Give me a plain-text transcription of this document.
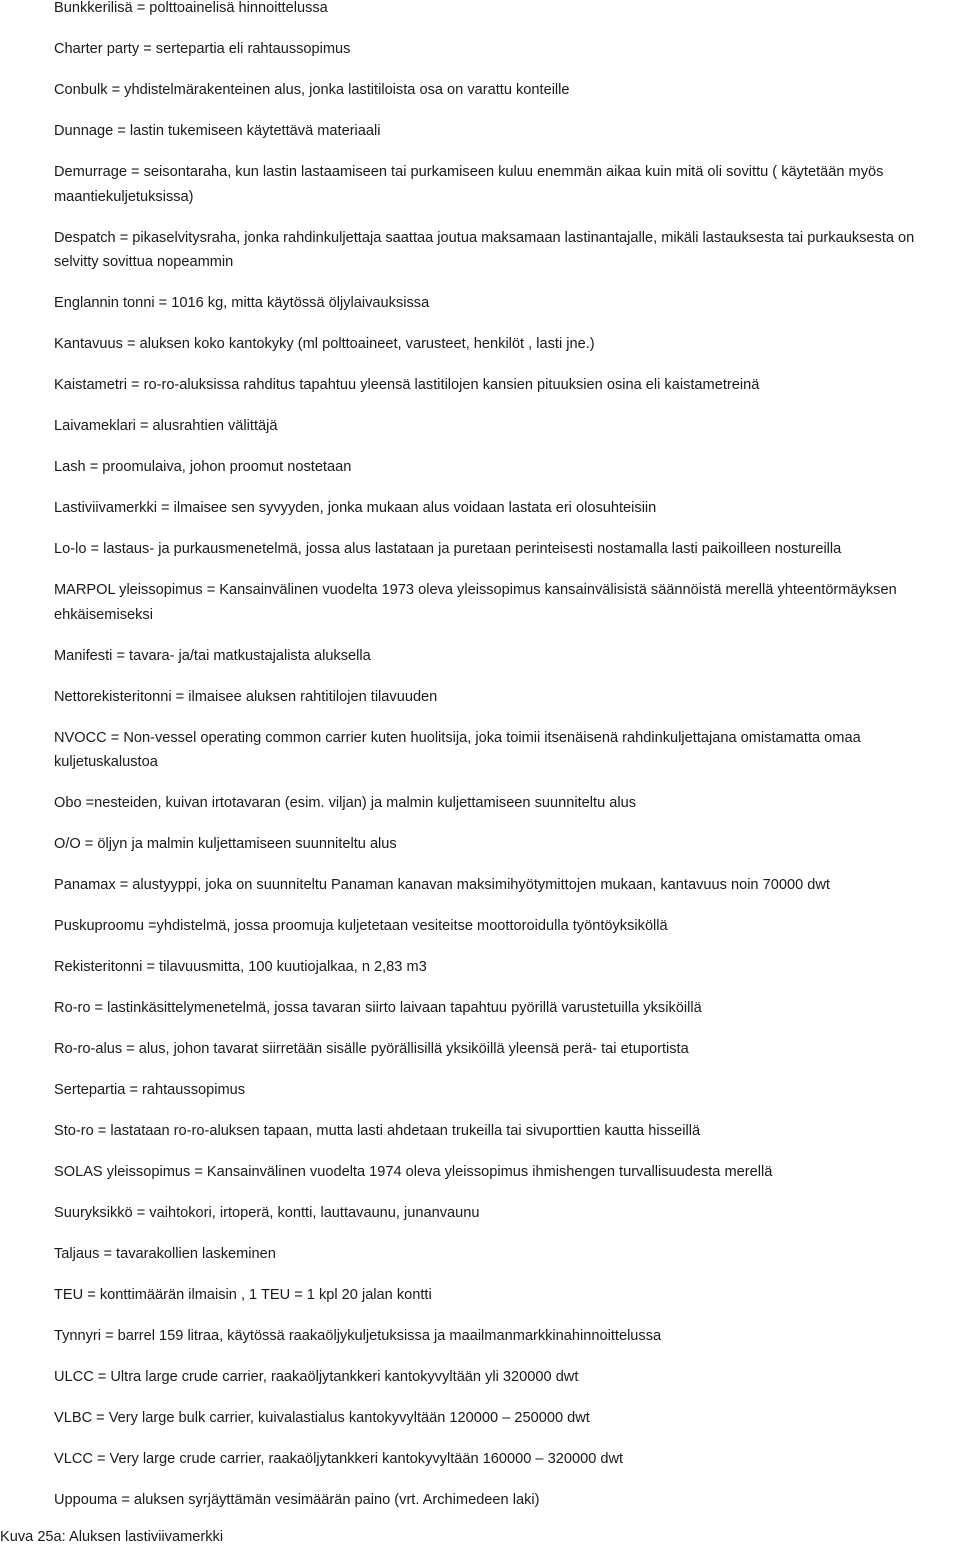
Bunkkerilisä = polttoainelisä hinnoittelussa

Charter party = sertepartia eli rahtaussopimus

Conbulk = yhdistelmärakenteinen alus, jonka lastitiloista osa on varattu konteille

Dunnage = lastin tukemiseen käytettävä materiaali

Demurrage = seisontaraha, kun lastin lastaamiseen tai purkamiseen kuluu enemmän aikaa kuin mitä oli sovittu ( käytetään myös maantiekuljetuksissa)

Despatch = pikaselvitysraha, jonka rahdinkuljettaja saattaa joutua maksamaan lastinantajalle, mikäli lastauksesta tai purkauksesta on selvitty sovittua nopeammin

Englannin tonni = 1016 kg, mitta käytössä öljylaivauksissa

Kantavuus = aluksen koko kantokyky (ml polttoaineet, varusteet, henkilöt , lasti jne.)

Kaistametri = ro-ro-aluksissa rahditus tapahtuu yleensä lastitilojen kansien pituuksien osina eli kaistametreinä

Laivameklari = alusrahtien välittäjä

Lash = proomulaiva, johon proomut nostetaan

Lastiviivamerkki = ilmaisee sen syvyyden, jonka mukaan alus voidaan lastata eri olosuhteisiin

Lo-lo = lastaus- ja purkausmenetelmä, jossa alus lastataan ja puretaan perinteisesti nostamalla lasti paikoilleen nostureilla

MARPOL yleissopimus = Kansainvälinen vuodelta 1973 oleva yleissopimus kansainvälisistä säännöistä merellä yhteentörmäyksen ehkäisemiseksi

Manifesti = tavara- ja/tai matkustajalista aluksella

Nettorekisteritonni = ilmaisee aluksen rahtitilojen tilavuuden

NVOCC = Non-vessel operating common carrier kuten huolitsija, joka toimii itsenäisenä rahdinkuljettajana omistamatta omaa kuljetuskalustoa

Obo =nesteiden, kuivan irtotavaran (esim. viljan) ja malmin kuljettamiseen suunniteltu alus

O/O = öljyn ja malmin kuljettamiseen suunniteltu alus

Panamax = alustyyppi, joka on suunniteltu Panaman kanavan maksimihyötymittojen mukaan, kantavuus noin 70000 dwt

Puskuproomu =yhdistelmä, jossa proomuja kuljetetaan vesiteitse moottoroidulla työntöyksiköllä

Rekisteritonni = tilavuusmitta, 100 kuutiojalkaa, n 2,83 m3

Ro-ro = lastinkäsittelymenetelmä, jossa tavaran siirto laivaan tapahtuu pyörillä varustetuilla yksiköillä

Ro-ro-alus = alus, johon tavarat siirretään sisälle pyörällisillä yksiköillä yleensä perä- tai etuportista

Sertepartia = rahtaussopimus

Sto-ro = lastataan ro-ro-aluksen tapaan, mutta lasti ahdetaan trukeilla tai sivuporttien kautta hisseillä

SOLAS yleissopimus = Kansainvälinen vuodelta 1974 oleva yleissopimus ihmishengen turvallisuudesta merellä

Suuryksikkö = vaihtokori, irtoperä, kontti, lauttavaunu, junanvaunu

Taljaus = tavarakollien laskeminen

TEU = konttimäärän ilmaisin , 1 TEU = 1 kpl 20 jalan kontti

Tynnyri = barrel 159 litraa, käytössä raakaöljykuljetuksissa ja maailmanmarkkinahinnoittelussa

ULCC = Ultra large crude carrier, raakaöljytankkeri kantokyvyltään yli 320000 dwt

VLBC = Very large bulk carrier, kuivalastialus kantokyvyltään 120000 – 250000 dwt

VLCC = Very large crude carrier, raakaöljytankkeri kantokyvyltään 160000 – 320000 dwt

Uppouma = aluksen syrjäyttämän vesimäärän paino (vrt. Archimedeen laki)

Kuva 25a: Aluksen lastiviivamerkki
